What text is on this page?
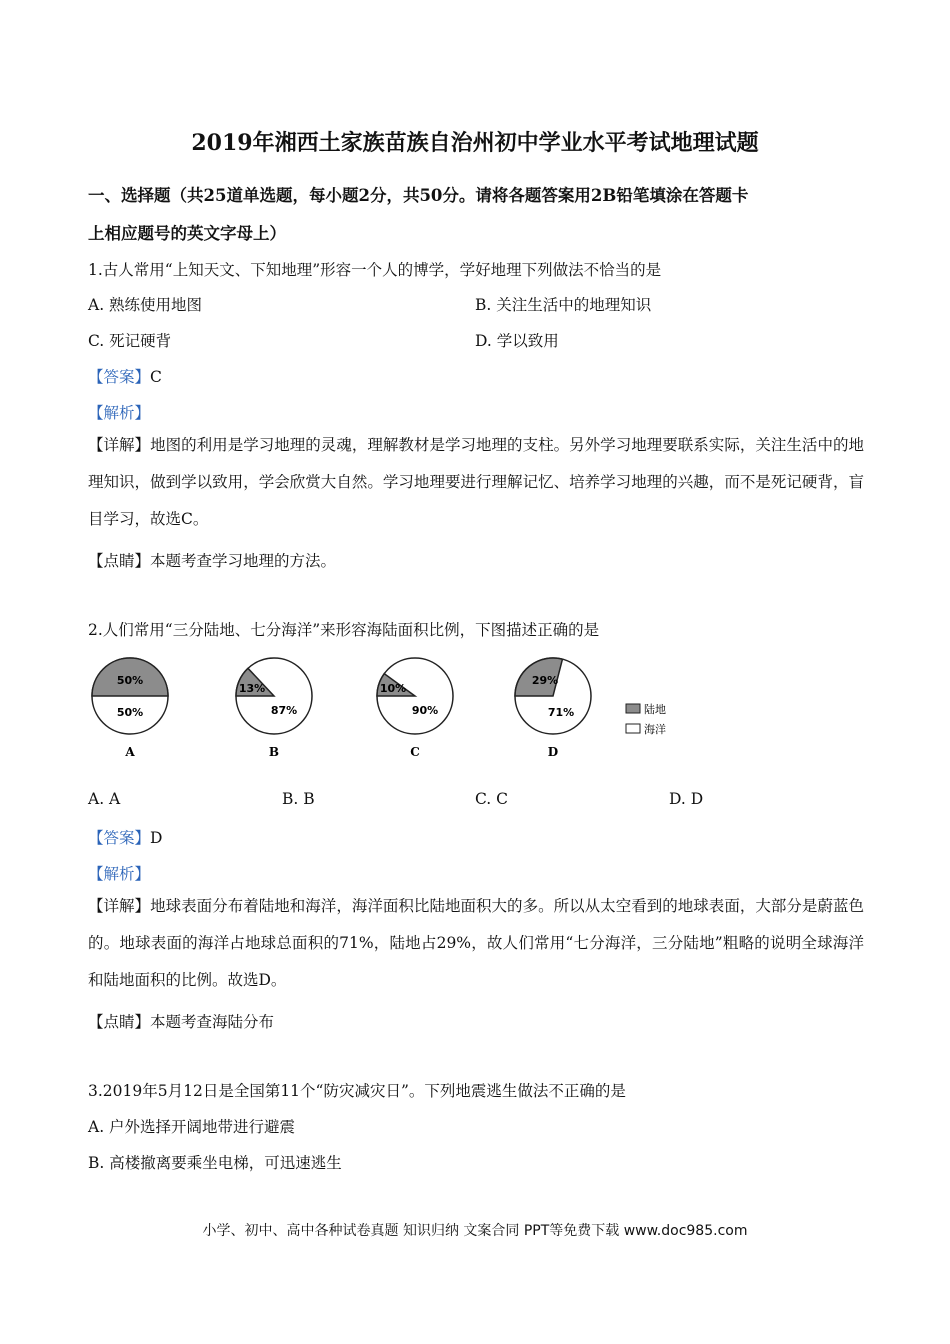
2019年湘西土家族苗族自治州初中学业水平考试地理试题
一、选择题（共25道单选题，每小题2分，共50分。请将各题答案用2B铅笔填涂在答题卡
上相应题号的英文字母上）
1.古人常用“上知天文、下知地理”形容一个人的博学，学好地理下列做法不恰当的是
A. 熟练使用地图	B. 关注生活中的地理知识
C. 死记硬背	D. 学以致用
【答案】C
【解析】
【详解】地图的利用是学习地理的灵魂，理解教材是学习地理的支柱。另外学习地理要联系实际，关注生活中的地理知识，做到学以致用，学会欣赏大自然。学习地理要进行理解记忆、培养学习地理的兴趣，而不是死记硬背，盲目学习，故选C。
【点睛】本题考查学习地理的方法。
2.人们常用“三分陆地、七分海洋”来形容海陆面积比例，下图描述正确的是
50%
50%
A
13%
87%
B
10%
90%
C
29%
71%
D
陆地
海洋
A. A	B. B	C. C	D. D
【答案】D
【解析】
【详解】地球表面分布着陆地和海洋，海洋面积比陆地面积大的多。所以从太空看到的地球表面，大部分是蔚蓝色的。地球表面的海洋占地球总面积的71%，陆地占29%，故人们常用“七分海洋，三分陆地”粗略的说明全球海洋和陆地面积的比例。故选D。
【点睛】本题考查海陆分布
3.2019年5月12日是全国第11个“防灾减灾日”。下列地震逃生做法不正确的是
A. 户外选择开阔地带进行避震
B. 高楼撤离要乘坐电梯，可迅速逃生
小学、初中、高中各种试卷真题 知识归纳 文案合同 PPT等免费下载 www.doc985.com
